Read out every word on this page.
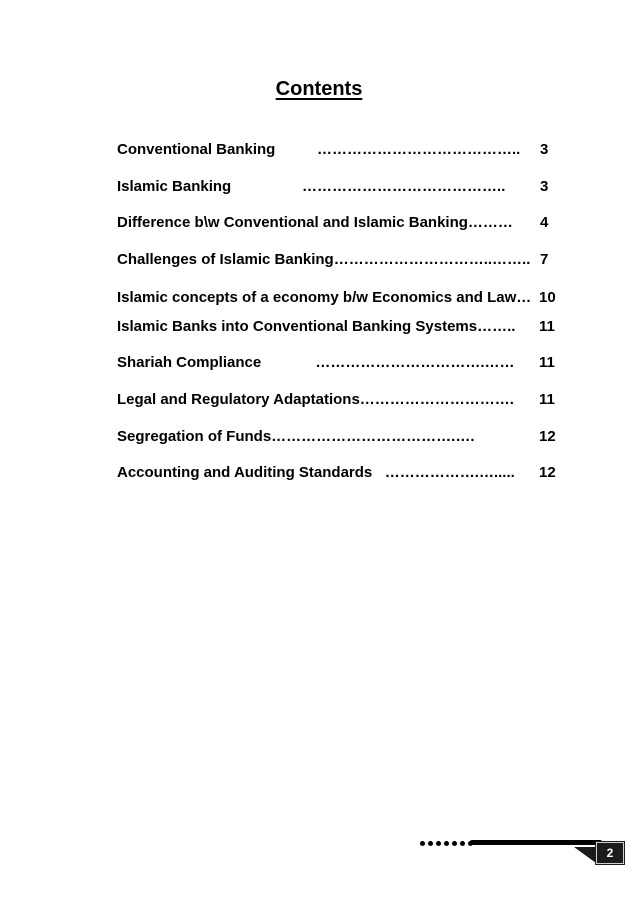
Contents
Conventional Banking          ………………………………….. 3
Islamic Banking                 ………………………………….. 3
Difference b\w Conventional and Islamic Banking……… 4
Challenges of Islamic Banking…………………………..…….. 7
Islamic concepts of a economy b/w Economics and Law… 10
Islamic Banks into Conventional Banking Systems…….. 11
Shariah Compliance             …………………………….…… 11
Legal and Regulatory Adaptations…………………………. 11
Segregation of Funds……………………………….….	12
Accounting and Auditing Standards   ……………….…..... 12
2
